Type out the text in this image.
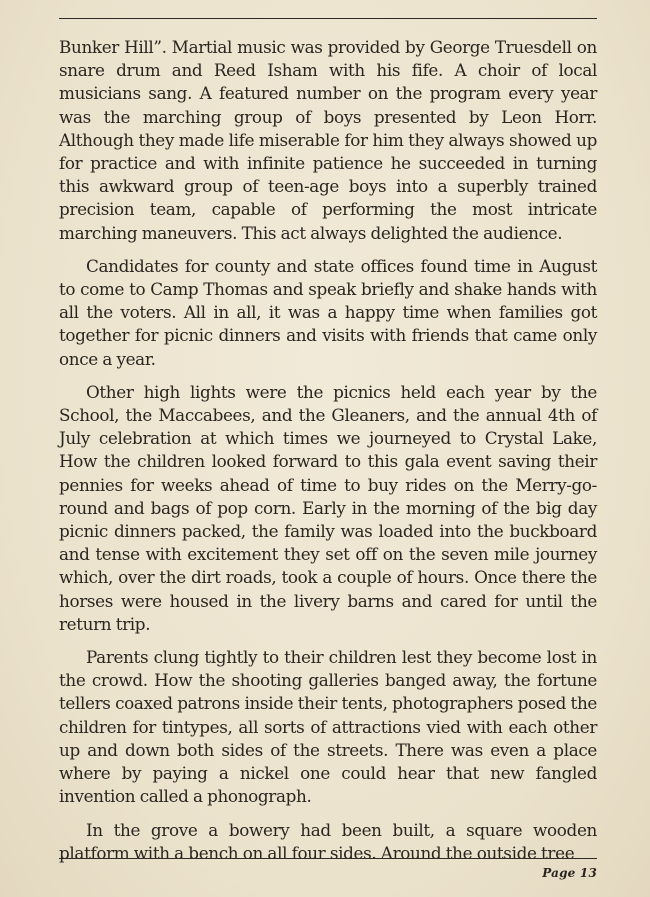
Bunker Hill”. Martial music was provided by George Truesdell on snare drum and Reed Isham with his fife. A choir of local musicians sang. A featured number on the program every year was the marching group of boys presented by Leon Horr. Although they made life miserable for him they always showed up for practice and with infinite patience he succeeded in turning this awkward group of teen-age boys into a superbly trained precision team, capable of performing the most intricate marching maneuvers. This act always delighted the audience.

Candidates for county and state offices found time in August to come to Camp Thomas and speak briefly and shake hands with all the voters. All in all, it was a happy time when families got together for picnic dinners and visits with friends that came only once a year.

Other high lights were the picnics held each year by the School, the Maccabees, and the Gleaners, and the annual 4th of July celebration at which times we journeyed to Crystal Lake, How the children looked forward to this gala event saving their pennies for weeks ahead of time to buy rides on the Merry-go-round and bags of pop corn. Early in the morning of the big day picnic dinners packed, the family was loaded into the buckboard and tense with excitement they set off on the seven mile journey which, over the dirt roads, took a couple of hours. Once there the horses were housed in the livery barns and cared for until the return trip.

Parents clung tightly to their children lest they become lost in the crowd. How the shooting galleries banged away, the fortune tellers coaxed patrons inside their tents, photographers posed the children for tintypes, all sorts of attractions vied with each other up and down both sides of the streets. There was even a place where by paying a nickel one could hear that new fangled invention called a phonograph.

In the grove a bowery had been built, a square wooden platform with a bench on all four sides. Around the outside tree

Page 13
